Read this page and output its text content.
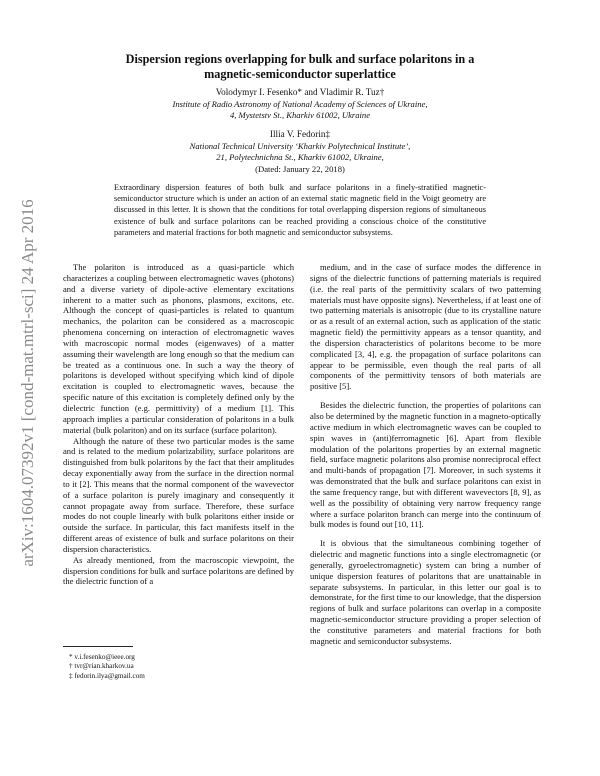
arXiv:1604.07392v1 [cond-mat.mtrl-sci] 24 Apr 2016
Dispersion regions overlapping for bulk and surface polaritons in a
magnetic-semiconductor superlattice
Volodymyr I. Fesenko* and Vladimir R. Tuz†
Institute of Radio Astronomy of National Academy of Sciences of Ukraine,
4, Mystetstv St., Kharkiv 61002, Ukraine
Illia V. Fedorin‡
National Technical University ‘Kharkiv Polytechnical Institute’,
21, Polytechnichna St., Kharkiv 61002, Ukraine,
(Dated: January 22, 2018)
Extraordinary dispersion features of both bulk and surface polaritons in a finely-stratified magnetic-semiconductor structure which is under an action of an external static magnetic field in the Voigt geometry are discussed in this letter. It is shown that the conditions for total overlapping dispersion regions of simultaneous existence of bulk and surface polaritons can be reached providing a conscious choice of the constitutive parameters and material fractions for both magnetic and semiconductor subsystems.

The polariton is introduced as a quasi-particle which characterizes a coupling between electromagnetic waves (photons) and a diverse variety of dipole-active elementary excitations inherent to a matter such as phonons, plasmons, excitons, etc. Although the concept of quasi-particles is related to quantum mechanics, the polariton can be considered as a macroscopic phenomena concerning on interaction of electromagnetic waves with macroscopic normal modes (eigenwaves) of a matter assuming their wavelength are long enough so that the medium can be treated as a continuous one. In such a way the theory of polaritons is developed without specifying which kind of dipole excitation is coupled to electromagnetic waves, because the specific nature of this excitation is completely defined only by the dielectric function (e.g. permittivity) of a medium [1]. This approach implies a particular consideration of polaritons in a bulk material (bulk polariton) and on its surface (surface polariton).

Although the nature of these two particular modes is the same and is related to the medium polarizability, surface polaritons are distinguished from bulk polaritons by the fact that their amplitudes decay exponentially away from the surface in the direction normal to it [2]. This means that the normal component of the wavevector of a surface polariton is purely imaginary and consequently it cannot propagate away from surface. Therefore, these surface modes do not couple linearly with bulk polaritons either inside or outside the surface. In particular, this fact manifests itself in the different areas of existence of bulk and surface polaritons on their dispersion characteristics.

As already mentioned, from the macroscopic viewpoint, the dispersion conditions for bulk and surface polaritons are defined by the dielectric function of a

medium, and in the case of surface modes the difference in signs of the dielectric functions of patterning materials is required (i.e. the real parts of the permittivity scalars of two patterning materials must have opposite signs). Nevertheless, if at least one of two patterning materials is anisotropic (due to its crystalline nature or as a result of an external action, such as application of the static magnetic field) the permittivity appears as a tensor quantity, and the dispersion characteristics of polaritons become to be more complicated [3, 4], e.g. the propagation of surface polaritons can appear to be permissible, even though the real parts of all components of the permittivity tensors of both materials are positive [5].

Besides the dielectric function, the properties of polaritons can also be determined by the magnetic function in a magneto-optically active medium in which electromagnetic waves can be coupled to spin waves in (anti)ferromagnetic [6]. Apart from flexible modulation of the polaritons properties by an external magnetic field, surface magnetic polaritons also promise nonreciprocal effect and multi-bands of propagation [7]. Moreover, in such systems it was demonstrated that the bulk and surface polaritons can exist in the same frequency range, but with different wavevectors [8, 9], as well as the possibility of obtaining very narrow frequency range where a surface polariton branch can merge into the continuum of bulk modes is found out [10, 11].

It is obvious that the simultaneous combining together of dielectric and magnetic functions into a single electromagnetic (or generally, gyroelectromagnetic) system can bring a number of unique dispersion features of polaritons that are unattainable in separate subsystems. In particular, in this letter our goal is to demonstrate, for the first time to our knowledge, that the dispersion regions of bulk and surface polaritons can overlap in a composite magnetic-semiconductor structure providing a proper selection of the constitutive parameters and material fractions for both magnetic and semiconductor subsystems.

* v.i.fesenko@ieee.org
† tvr@rian.kharkov.ua
‡ fedorin.ilya@gmail.com
